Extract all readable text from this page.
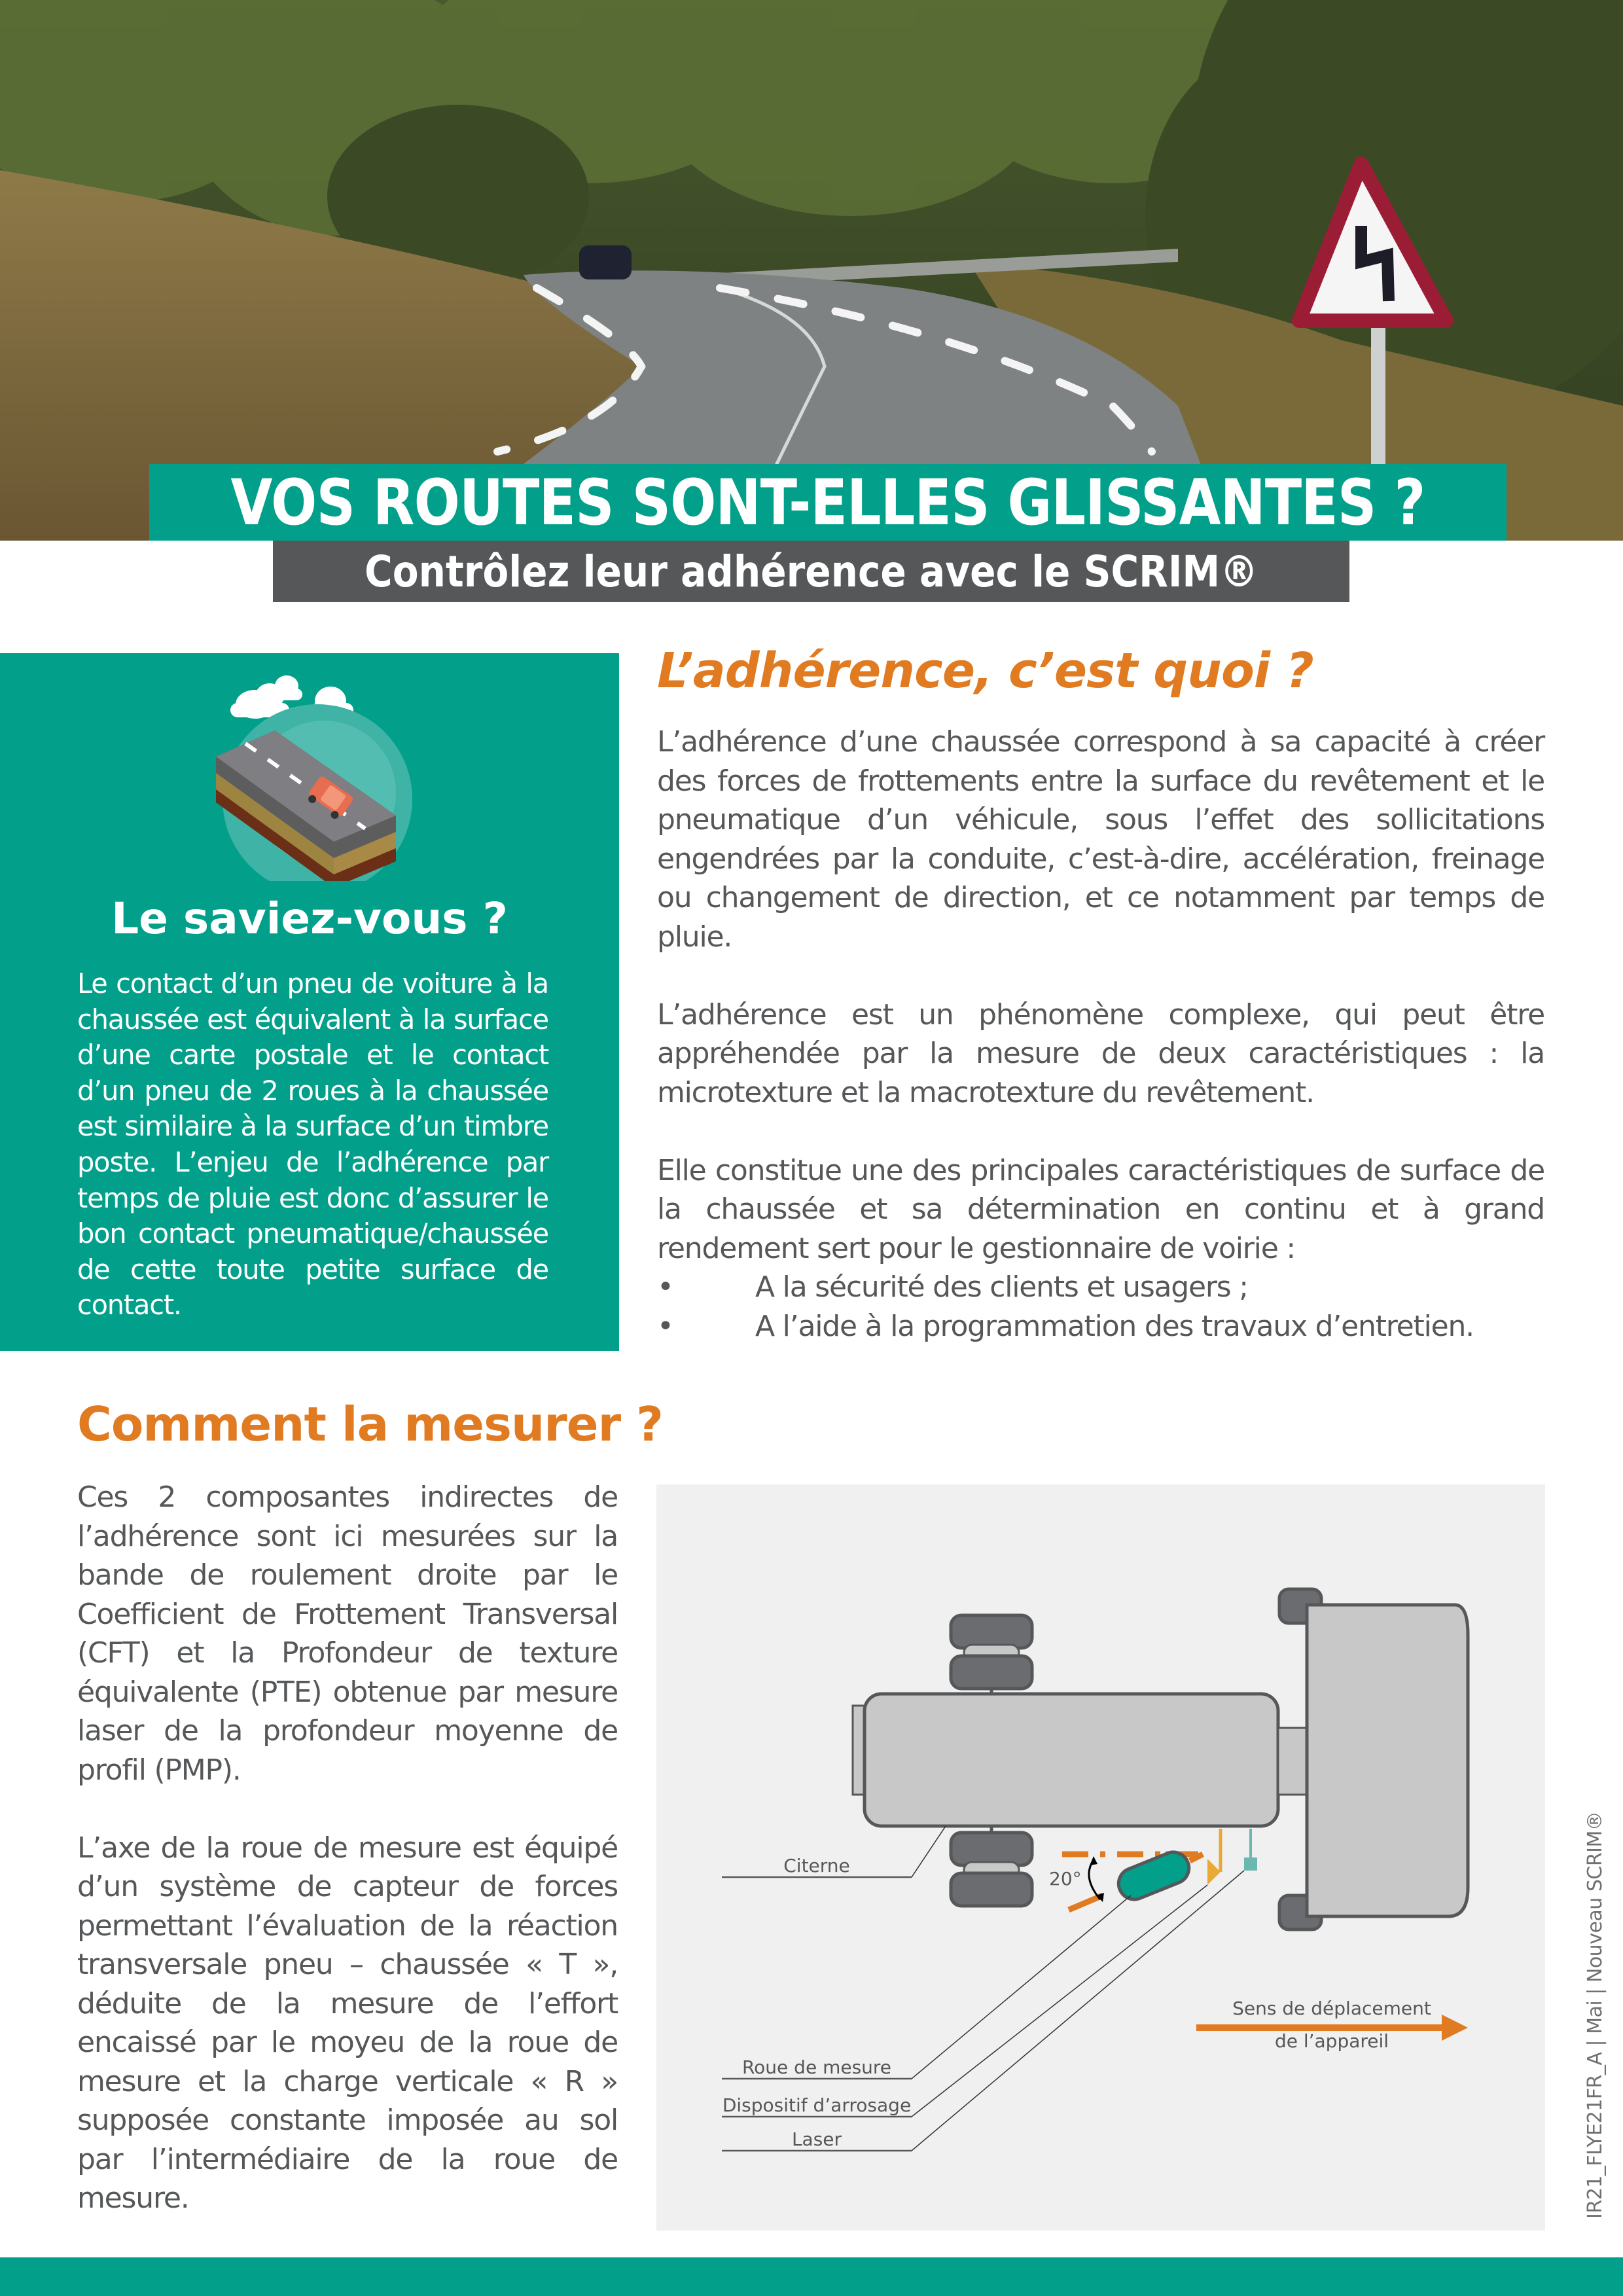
VOS ROUTES SONT-ELLES GLISSANTES ?
Contrôlez leur adhérence avec le SCRIM®
Le saviez-vous ?
Le contact d’un pneu de voiture à la chaussée est équivalent à la surface d’une carte postale et le contact d’un pneu de 2 roues à la chaussée est similaire à la surface d’un timbre poste. L’enjeu de l’adhérence par temps de pluie est donc d’assurer le bon contact pneumatique/chaussée de cette toute petite surface de contact.
L’adhérence, c’est quoi ?

L’adhérence d’une chaussée correspond à sa capacité à créer des forces de frottements entre la surface du revêtement et le pneumatique d’un véhicule, sous l’effet des sollicitations engendrées par la conduite, c’est-à-dire, accélération, freinage ou changement de direction, et ce notamment par temps de pluie.

L’adhérence est un phénomène complexe, qui peut être appréhendée par la mesure de deux caractéristiques : la microtexture et la macrotexture du revêtement.

Elle constitue une des principales caractéristiques de surface de la chaussée et sa détermination en continu et à grand rendement sert pour le gestionnaire de voirie :

•	A la sécurité des clients et usagers ;
•	A l’aide à la programmation des travaux d’entretien.
Comment la mesurer ?

Ces 2 composantes indirectes de l’adhérence sont ici mesurées sur la bande de roulement droite par le Coefficient de Frottement Transversal (CFT) et la Profondeur de texture équivalente (PTE) obtenue par mesure laser de la profondeur moyenne de profil (PMP).

L’axe de la roue de mesure est équipé d’un système de capteur de forces permettant l’évaluation de la réaction transversale pneu – chaussée « T », déduite de la mesure de l’effort encaissé par le moyeu de la roue de mesure et la charge verticale « R » supposée constante imposée au sol par l’intermédiaire de la roue de mesure.

20°
Citerne
Roue de mesure
Dispositif d’arrosage
Laser
Sens de déplacement
de l’appareil	IR21_FLYE21FR_A | Mai | Nouveau SCRIM®
